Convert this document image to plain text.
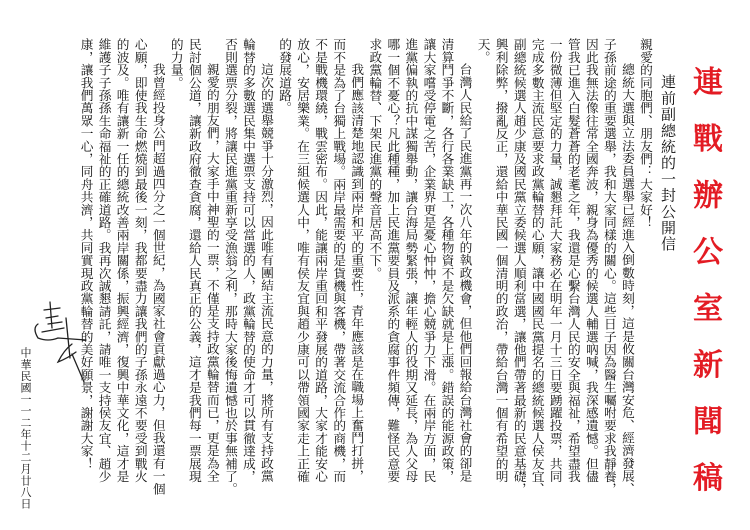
連戰辦公室新聞稿
連前副總統的一封公開信
親愛的同胞們、朋友們：大家好！
總統大選與立法委員選舉已經進入倒數時刻，這是攸關台灣安危、經濟發展、
子孫前途的重要選舉，我和大家同樣的關心。這些日子因為醫生囑咐要求我靜養，
因此我無法像往常全國奔波，親身為優秀的候選人輔選吶喊，我深感遺憾。但儘
管我已進入白髮蒼蒼的老耄之年，我還是心繫台灣人民的安全與福祉，希望盡我
一份微薄但堅定的力量，誠懇拜託大家務必在明年一月十三日要踴躍投票，共同
完成多數主流民意要求政黨輪替的心願，讓中國國民黨提名的總統候選人侯友宜、
副總統候選人趙少康及國民黨立委候選人順利當選，讓他們帶著最新的民意基礎，
興利除弊，撥亂反正，還給中華民國一個清明的政治，帶給台灣一個有希望的明
天。
台灣人民給了民進黨再一次八年的執政機會，但他們回報給台灣社會的卻是
清算鬥爭不斷，各行各業缺工，各種物資不是欠缺就是上漲。錯誤的能源政策，
讓大家嚐受停電之苦，企業界更是憂心忡忡，擔心競爭力下滑。在兩岸方面，民
進黨偏執的抗中謀獨舉動，讓台海局勢緊張，讓年輕人的役期又延長，為人父母
哪一個不憂心？凡此種種，加上民進黨要員及派系的貪腐事件頻傳，難怪民意要
求政黨輪替、下架民進黨的聲音居高不下。
我們應該清楚地認識到兩岸和平的重要性，青年應該是在職場上奮鬥打拼，
而不是為了台獨上戰場。兩岸最需要的是貨機與客機，帶著交流合作的商機，而
不是戰機環繞，戰雲密布。因此，能讓兩岸重回和平發展的道路，大家才能安心
放心，安居樂業。在三組候選人中，唯有侯友宜與趙少康可以帶領國家走上正確
的發展道路。
這次的選舉競爭十分激烈，因此唯有團結主流民意的力量，將所有支持政黨
輪替的多數選民集中選票支持可以當選的人，政黨輪替的使命才可以貫徹達成，
否則選票分裂，將讓民進黨重新享受漁翁之利，那時大家後悔遺憾也於事無補了。
親愛的朋友們，大家手中神聖的一票，不僅是支持政黨輪替而已，更是為全
民討個公道，讓新政府徹查貪腐，還給人民真正的公義，這才是我們每一票展現
的力量。
我曾經投身公門超過四分之一個世紀，為國家社會貢獻過心力，但我還有一個
心願，即使我生命燃燒到最後一刻，我都要盡力讓我們的子孫永遠不要受到戰火
的波及。唯有讓新一任的總統改善兩岸關係，振興經濟，復興中華文化，這才是
維護子子孫孫生命福祉的正確道路。我再次誠懇請託，請唯一支持侯友宜、趙少
康，讓我們萬眾一心，同舟共濟，共同實現政黨輪替的美好願景，謝謝大家！
中華民國一一二年十二月廿八日
